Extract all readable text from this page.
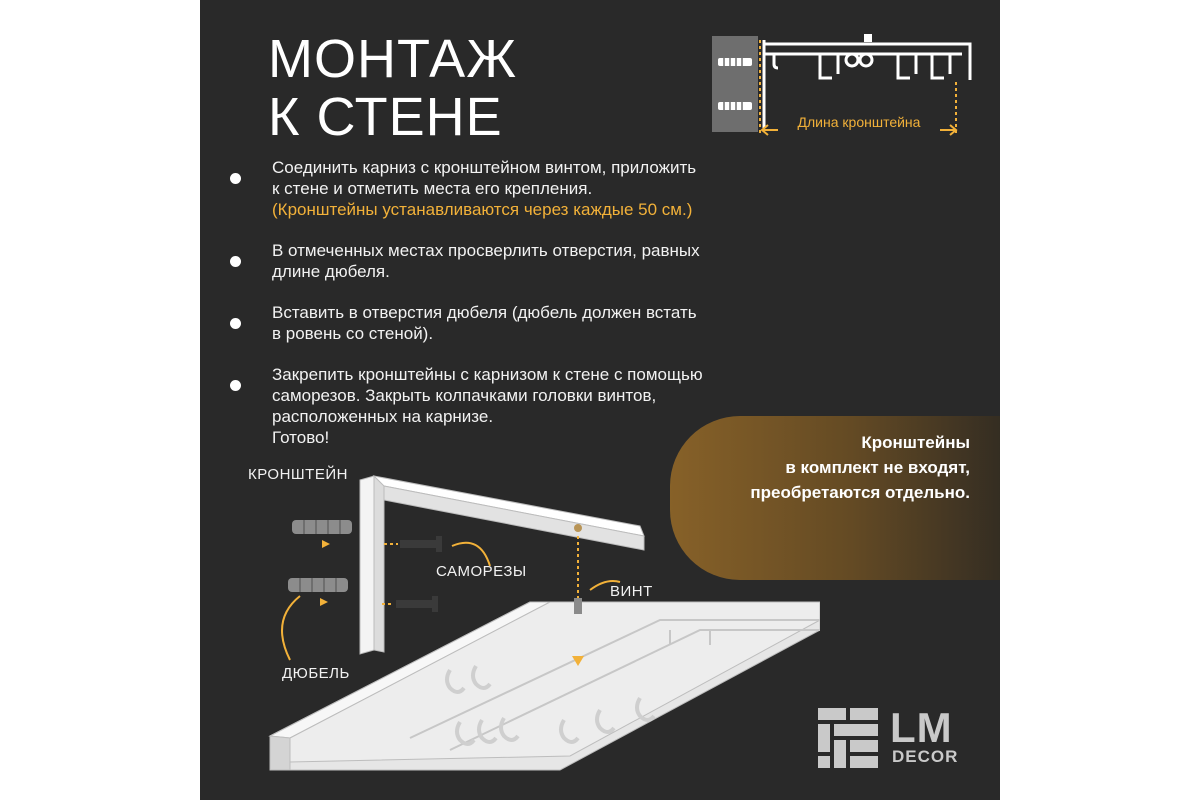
МОНТАЖ
К СТЕНЕ	Длина кронштейна

Соединить карниз с кронштейном винтом, приложить

к стене и отметить места его крепления.

(Кронштейны устанавливаются через каждые 50 см.)

В отмеченных местах просверлить отверстия, равных

длине дюбеля.

Вставить в отверстия дюбеля (дюбель должен встать

в ровень со стеной).

Закрепить кронштейны с карнизом к стене с помощью

саморезов. Закрыть колпачками головки винтов,

расположенных на карнизе.

Готово!	Кронштейны

в комплект не входят,

преобретаются отдельно.

КРОНШТЕЙН
САМОРЕЗЫ
ВИНТ
ДЮБЕЛЬ
LM
DECOR
